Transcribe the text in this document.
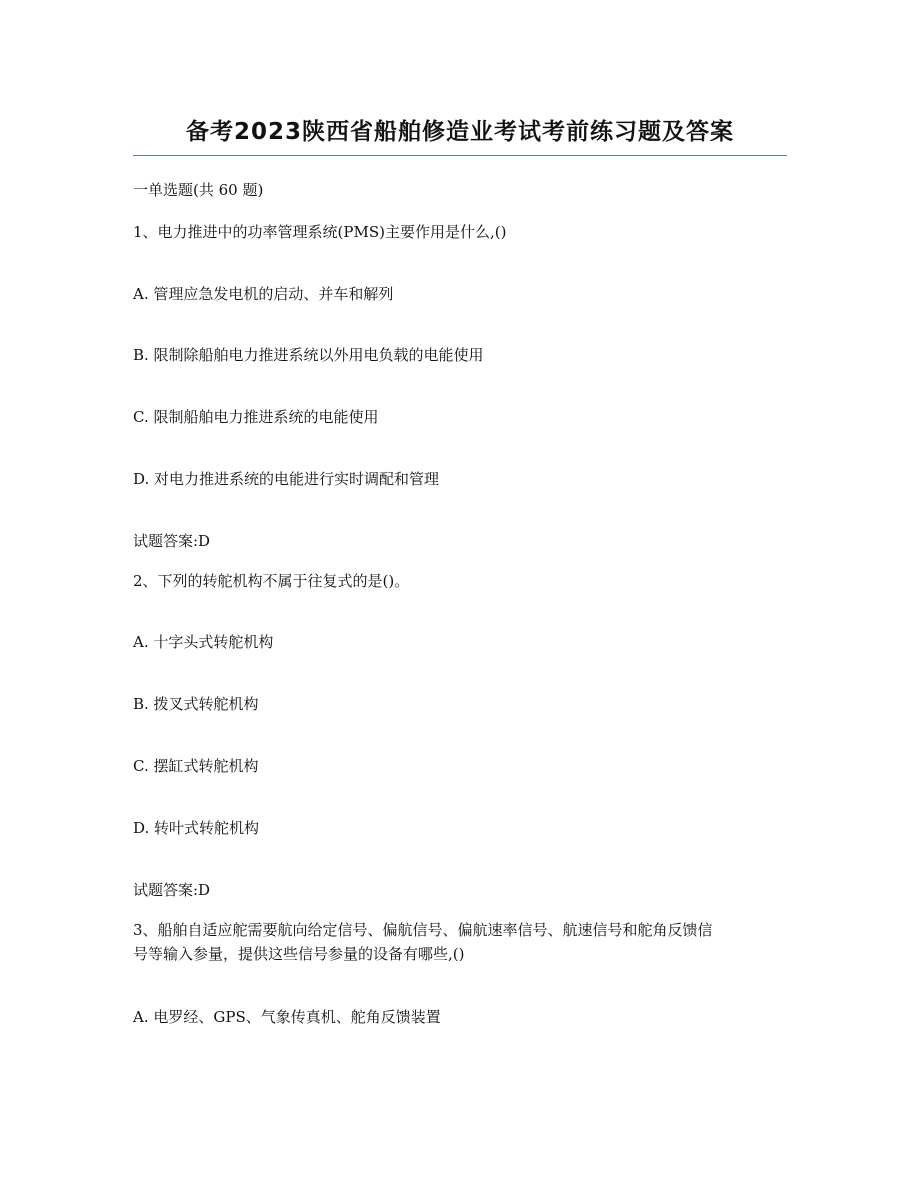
备考2023陕西省船舶修造业考试考前练习题及答案
一单选题(共 60 题)
1、电力推进中的功率管理系统(PMS)主要作用是什么,()
A. 管理应急发电机的启动、并车和解列
B. 限制除船舶电力推进系统以外用电负载的电能使用
C. 限制船舶电力推进系统的电能使用
D. 对电力推进系统的电能进行实时调配和管理
试题答案:D
2、下列的转舵机构不属于往复式的是()。
A. 十字头式转舵机构
B. 拨叉式转舵机构
C. 摆缸式转舵机构
D. 转叶式转舵机构
试题答案:D
3、船舶自适应舵需要航向给定信号、偏航信号、偏航速率信号、航速信号和舵角反馈信
号等输入参量，提供这些信号参量的设备有哪些,()
A. 电罗经、GPS、气象传真机、舵角反馈装置
